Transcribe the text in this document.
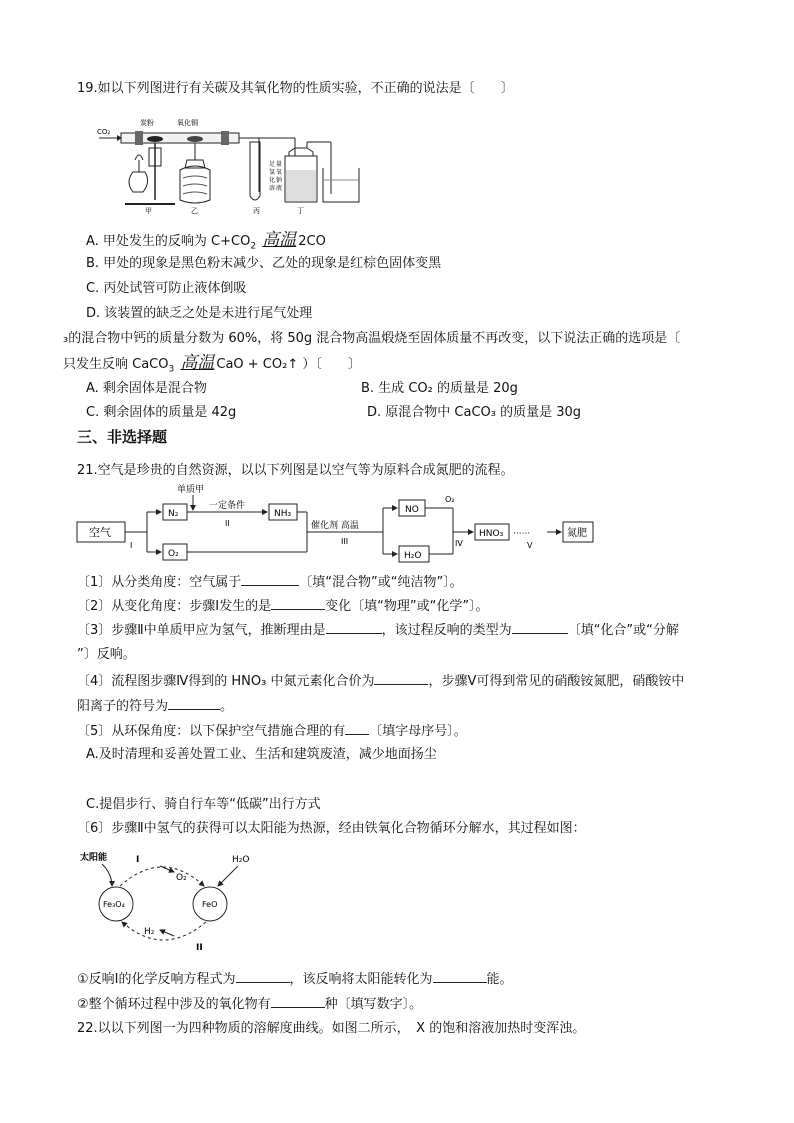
19.如以下列图进行有关碳及其氧化物的性质实验，不正确的说法是〔　　〕
CO₂
炭粉	氧化铜
甲	乙	丙
足 量
氢 氧
化 钠
溶 液
丁
A. 甲处发生的反响为 $C+CO_2$ 高温 2CO
B. 甲处的现象是黑色粉末减少、乙处的现象是红棕色固体变黑
C. 丙处试管可防止液体倒吸
D. 该装置的缺乏之处是未进行尾气处理
₃的混合物中钙的质量分数为 60%，将 50g 混合物高温煅烧至固体质量不再改变，以下说法正确的选项是〔
只发生反响 CaCO$_3$ 高温 CaO + CO₂↑ ）〔　　〕
A. 剩余固体是混合物	B. 生成 CO₂ 的质量是 20g
C. 剩余固体的质量是 42g	D. 原混合物中 CaCO₃ 的质量是 30g
三、非选择题
21.空气是珍贵的自然资源，以以下列图是以空气等为原料合成氮肥的流程。
空气
I
N₂
O₂
单质甲
一定条件
II
NH₃
催化剂 高温
III
NO
H₂O
O₂
IV
HNO₃ ······
V
氮肥
〔1〕从分类角度：空气属于	〔填“混合物”或“纯洁物”〕。
〔2〕从变化角度：步骤Ⅰ发生的是	变化〔填“物理”或“化学”〕。
〔3〕步骤Ⅱ中单质甲应为氢气，推断理由是	，该过程反响的类型为	〔填“化合”或“分解
”〕反响。
〔4〕流程图步骤Ⅳ得到的 HNO₃ 中氮元素化合价为	，步骤Ⅴ可得到常见的硝酸铵氮肥，硝酸铵中
阳离子的符号为	。
〔5〕从环保角度：以下保护空气措施合理的有 〔填字母序号〕。
A.及时清理和妥善处置工业、生活和建筑废渣，减少地面扬尘
C.提倡步行、骑自行车等“低碳”出行方式
〔6〕步骤Ⅱ中氢气的获得可以太阳能为热源，经由铁氧化合物循环分解水，其过程如图：
太阳能	H₂O
Fe₃O₄	FeO
I
O₂
H₂
II
①反响Ⅰ的化学反响方程式为	，该反响将太阳能转化为	能。
②整个循环过程中涉及的氧化物有	种〔填写数字〕。
22.以以下列图一为四种物质的溶解度曲线。如图二所示，　X 的饱和溶液加热时变浑浊。
